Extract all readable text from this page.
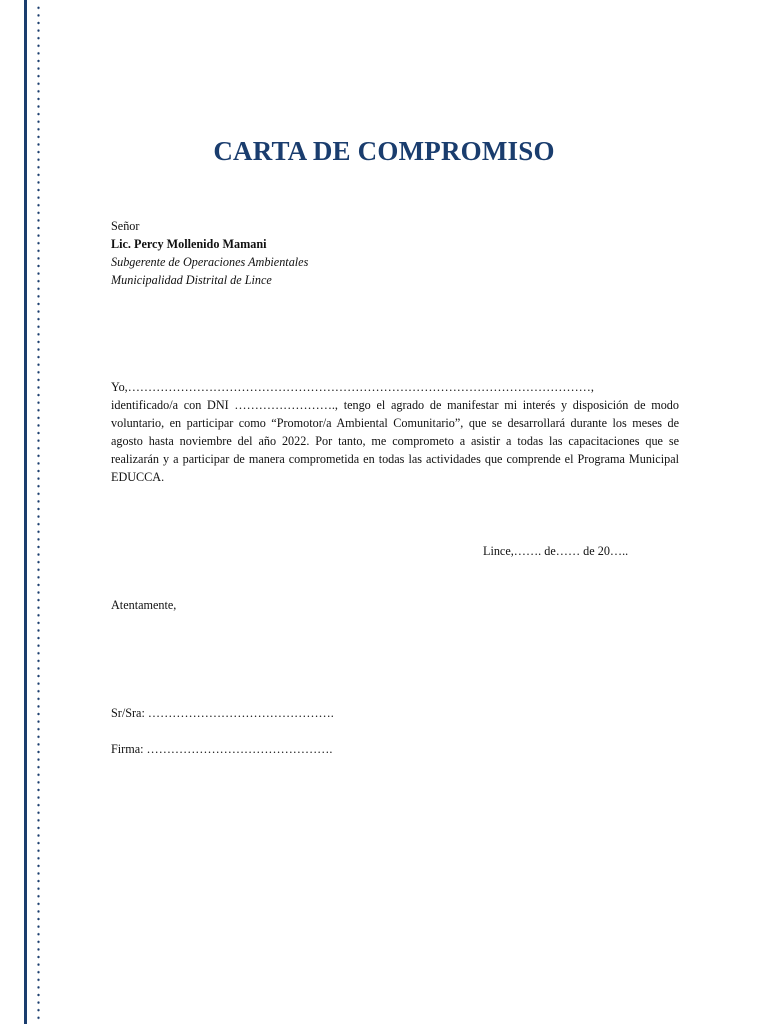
CARTA DE COMPROMISO
Señor
Lic. Percy Mollenido Mamani
Subgerente de Operaciones Ambientales
Municipalidad Distrital de Lince

Yo,……………………………………………………………………………………………………,

identificado/a con DNI ……………………., tengo el agrado de manifestar mi interés y disposición de modo voluntario, en participar como “Promotor/a Ambiental Comunitario”, que se desarrollará durante los meses de agosto hasta noviembre del año 2022. Por tanto, me comprometo a asistir a todas las capacitaciones que se realizarán y a participar de manera comprometida en todas las actividades que comprende el Programa Municipal EDUCCA.

Lince,……. de…… de 20…..
Atentamente,
Sr/Sra: ……………………………………….
Firma: ……………………………………….
